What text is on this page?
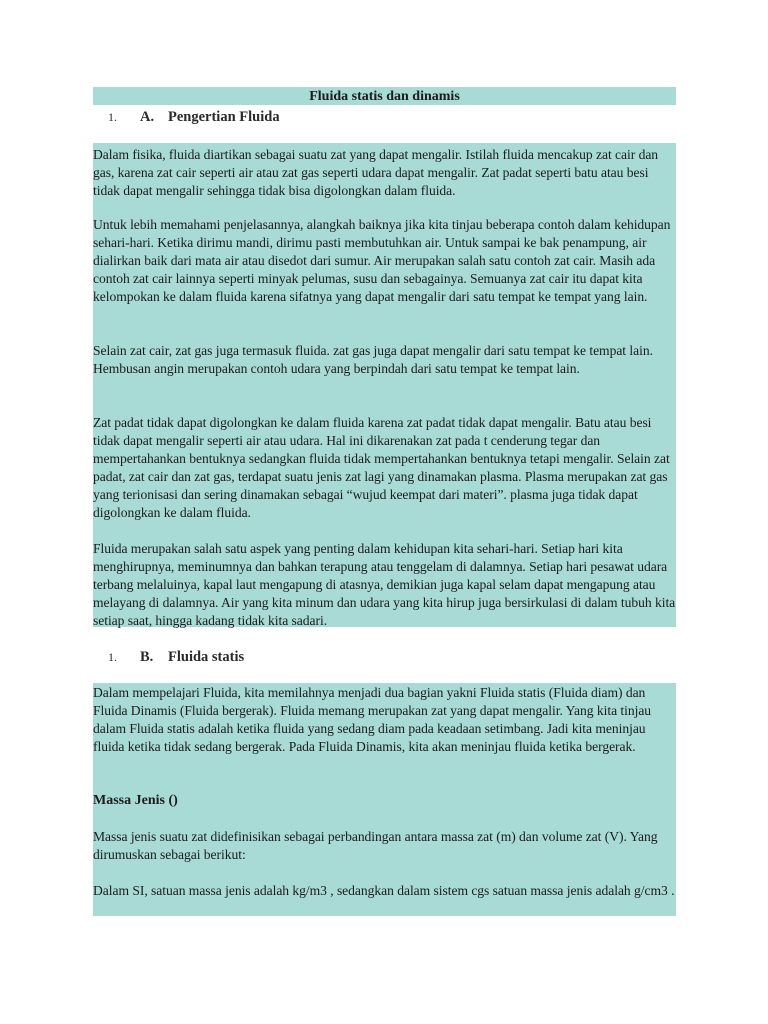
Fluida statis dan dinamis
1. A. Pengertian Fluida

Dalam fisika, fluida diartikan sebagai suatu zat yang dapat mengalir. Istilah fluida mencakup zat cair dan gas, karena zat cair seperti air atau zat gas seperti udara dapat mengalir. Zat padat seperti batu atau besi tidak dapat mengalir sehingga tidak bisa digolongkan dalam fluida.

Untuk lebih memahami penjelasannya, alangkah baiknya jika kita tinjau beberapa contoh dalam kehidupan sehari-hari. Ketika dirimu mandi, dirimu pasti membutuhkan air. Untuk sampai ke bak penampung, air dialirkan baik dari mata air atau disedot dari sumur. Air merupakan salah satu contoh zat cair. Masih ada contoh zat cair lainnya seperti minyak pelumas, susu dan sebagainya. Semuanya zat cair itu dapat kita kelompokan ke dalam fluida karena sifatnya yang dapat mengalir dari satu tempat ke tempat yang lain.

Selain zat cair, zat gas juga termasuk fluida. zat gas juga dapat mengalir dari satu tempat ke tempat lain. Hembusan angin merupakan contoh udara yang berpindah dari satu tempat ke tempat lain.

Zat padat tidak dapat digolongkan ke dalam fluida karena zat padat tidak dapat mengalir. Batu atau besi tidak dapat mengalir seperti air atau udara. Hal ini dikarenakan zat pada t cenderung tegar dan mempertahankan bentuknya sedangkan fluida tidak mempertahankan bentuknya tetapi mengalir. Selain zat padat, zat cair dan zat gas, terdapat suatu jenis zat lagi yang dinamakan plasma. Plasma merupakan zat gas yang terionisasi dan sering dinamakan sebagai “wujud keempat dari materi”. plasma juga tidak dapat digolongkan ke dalam fluida.

Fluida merupakan salah satu aspek yang penting dalam kehidupan kita sehari-hari. Setiap hari kita menghirupnya, meminumnya dan bahkan terapung atau tenggelam di dalamnya. Setiap hari pesawat udara terbang melaluinya, kapal laut mengapung di atasnya, demikian juga kapal selam dapat mengapung atau melayang di dalamnya. Air yang kita minum dan udara yang kita hirup juga bersirkulasi di dalam tubuh kita setiap saat, hingga kadang tidak kita sadari.

1. B. Fluida statis

Dalam mempelajari Fluida, kita memilahnya menjadi dua bagian yakni Fluida statis (Fluida diam) dan Fluida Dinamis (Fluida bergerak). Fluida memang merupakan zat yang dapat mengalir. Yang kita tinjau dalam Fluida statis adalah ketika fluida yang sedang diam pada keadaan setimbang. Jadi kita meninjau fluida ketika tidak sedang bergerak. Pada Fluida Dinamis, kita akan meninjau fluida ketika bergerak.

Massa Jenis ()

Massa jenis suatu zat didefinisikan sebagai perbandingan antara massa zat (m) dan volume zat (V). Yang dirumuskan sebagai berikut:

Dalam SI, satuan massa jenis adalah kg/m3 , sedangkan dalam sistem cgs satuan massa jenis adalah g/cm3 .
